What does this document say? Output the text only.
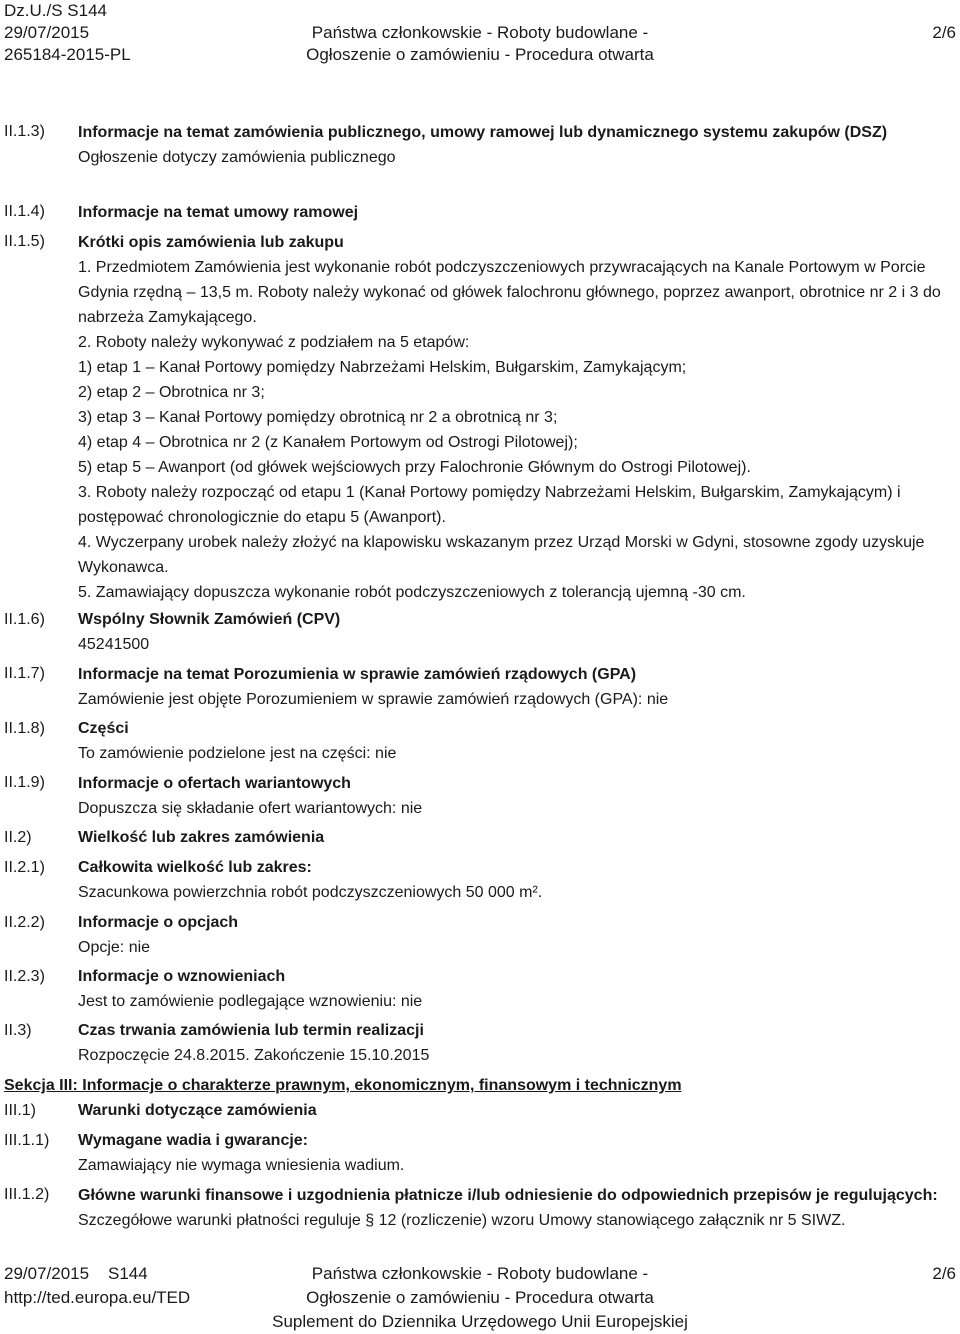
Dz.U./S S144
29/07/2015
265184-2015-PL
Państwa członkowskie - Roboty budowlane -
Ogłoszenie o zamówieniu - Procedura otwarta
2/6
II.1.3) Informacje na temat zamówienia publicznego, umowy ramowej lub dynamicznego systemu zakupów (DSZ)

Ogłoszenie dotyczy zamówienia publicznego

II.1.4) Informacje na temat umowy ramowej

II.1.5) Krótki opis zamówienia lub zakupu

1. Przedmiotem Zamówienia jest wykonanie robót podczyszczeniowych przywracających na Kanale Portowym w Porcie Gdynia rzędną – 13,5 m. Roboty należy wykonać od główek falochronu głównego, poprzez awanport, obrotnice nr 2 i 3 do nabrzeża Zamykającego.

2. Roboty należy wykonywać z podziałem na 5 etapów:

1) etap 1 – Kanał Portowy pomiędzy Nabrzeżami Helskim, Bułgarskim, Zamykającym;

2) etap 2 – Obrotnica nr 3;

3) etap 3 – Kanał Portowy pomiędzy obrotnicą nr 2 a obrotnicą nr 3;

4) etap 4 – Obrotnica nr 2 (z Kanałem Portowym od Ostrogi Pilotowej);

5) etap 5 – Awanport (od główek wejściowych przy Falochronie Głównym do Ostrogi Pilotowej).

3. Roboty należy rozpocząć od etapu 1 (Kanał Portowy pomiędzy Nabrzeżami Helskim, Bułgarskim, Zamykającym) i postępować chronologicznie do etapu 5 (Awanport).

4. Wyczerpany urobek należy złożyć na klapowisku wskazanym przez Urząd Morski w Gdyni, stosowne zgody uzyskuje Wykonawca.

5. Zamawiający dopuszcza wykonanie robót podczyszczeniowych z tolerancją ujemną -30 cm.

II.1.6) Wspólny Słownik Zamówień (CPV)

45241500

II.1.7) Informacje na temat Porozumienia w sprawie zamówień rządowych (GPA)

Zamówienie jest objęte Porozumieniem w sprawie zamówień rządowych (GPA): nie

II.1.8) Części

To zamówienie podzielone jest na części: nie

II.1.9) Informacje o ofertach wariantowych

Dopuszcza się składanie ofert wariantowych: nie

II.2)	Wielkość lub zakres zamówienia

II.2.1) Całkowita wielkość lub zakres:

Szacunkowa powierzchnia robót podczyszczeniowych 50 000 m².

II.2.2) Informacje o opcjach

Opcje: nie

II.2.3) Informacje o wznowieniach

Jest to zamówienie podlegające wznowieniu: nie

II.3)	Czas trwania zamówienia lub termin realizacji

Rozpoczęcie 24.8.2015. Zakończenie 15.10.2015

Sekcja III: Informacje o charakterze prawnym, ekonomicznym, finansowym i technicznym
III.1)	Warunki dotyczące zamówienia

III.1.1) Wymagane wadia i gwarancje:

Zamawiający nie wymaga wniesienia wadium.

III.1.2) Główne warunki finansowe i uzgodnienia płatnicze i/lub odniesienie do odpowiednich przepisów je regulujących:

Szczegółowe warunki płatności reguluje § 12 (rozliczenie) wzoru Umowy stanowiącego załącznik nr 5 SIWZ.

29/07/2015 S144
http://ted.europa.eu/TED
Państwa członkowskie - Roboty budowlane -
Ogłoszenie o zamówieniu - Procedura otwarta
Suplement do Dziennika Urzędowego Unii Europejskiej
2/6
